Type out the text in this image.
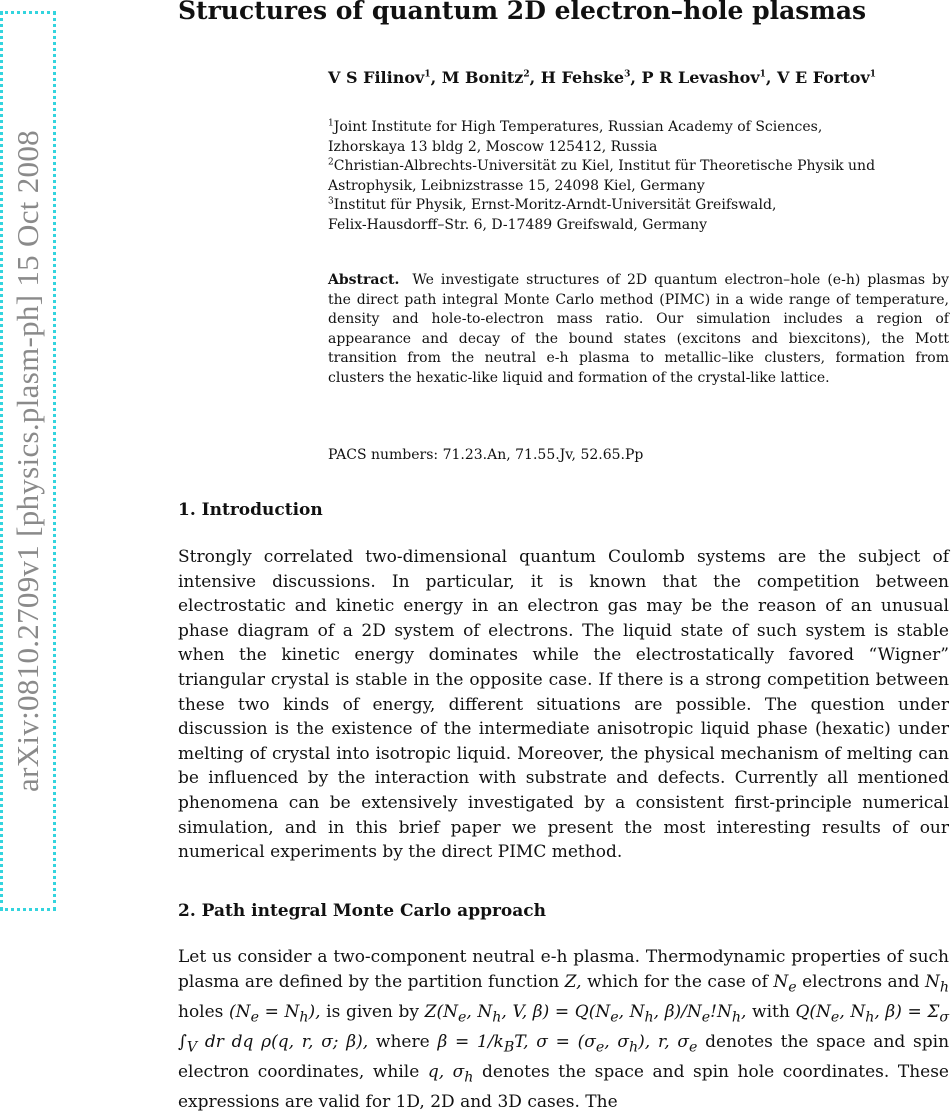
arXiv:0810.2709v1 [physics.plasm-ph] 15 Oct 2008
Structures of quantum 2D electron–hole plasmas

V S Filinov$^1$, M Bonitz$^2$, H Fehske$^3$, P R Levashov$^1$, V E Fortov$^1$

$^1$Joint Institute for High Temperatures, Russian Academy of Sciences,
Izhorskaya 13 bldg 2, Moscow 125412, Russia
$^2$Christian-Albrechts-Universität zu Kiel, Institut für Theoretische Physik und
Astrophysik, Leibnizstrasse 15, 24098 Kiel, Germany
$^3$Institut für Physik, Ernst-Moritz-Arndt-Universität Greifswald,
Felix-Hausdorff–Str. 6, D-17489 Greifswald, Germany

Abstract. We investigate structures of 2D quantum electron–hole (e-h) plasmas by the direct path integral Monte Carlo method (PIMC) in a wide range of temperature, density and hole-to-electron mass ratio. Our simulation includes a region of appearance and decay of the bound states (excitons and biexcitons), the Mott transition from the neutral e-h plasma to metallic–like clusters, formation from clusters the hexatic-like liquid and formation of the crystal-like lattice.

PACS numbers: 71.23.An, 71.55.Jv, 52.65.Pp

1. Introduction

Strongly correlated two-dimensional quantum Coulomb systems are the subject of intensive discussions. In particular, it is known that the competition between electrostatic and kinetic energy in an electron gas may be the reason of an unusual phase diagram of a 2D system of electrons. The liquid state of such system is stable when the kinetic energy dominates while the electrostatically favored “Wigner” triangular crystal is stable in the opposite case. If there is a strong competition between these two kinds of energy, different situations are possible. The question under discussion is the existence of the intermediate anisotropic liquid phase (hexatic) under melting of crystal into isotropic liquid. Moreover, the physical mechanism of melting can be influenced by the interaction with substrate and defects. Currently all mentioned phenomena can be extensively investigated by a consistent first-principle numerical simulation, and in this brief paper we present the most interesting results of our numerical experiments by the direct PIMC method.

2. Path integral Monte Carlo approach

Let us consider a two-component neutral e-h plasma. Thermodynamic properties of such plasma are defined by the partition function Z, which for the case of $N_e$ electrons and $N_h$ holes $(N_e = N_h)$, is given by $Z(N_e$, $N_h$, V, $\beta) = Q(N_e$, $N_h$, $\beta)/N_e!N_h$, with $Q(N_e$, $N_h$, $\beta) = \Sigma_\sigma$ $\int_V$ dr dq ρ(q, r, σ; β), where $\beta = 1/k_BT$, $\sigma = (\sigma_e$, $\sigma_h$), r, $\sigma_e$ denotes the space and spin electron coordinates, while q, $\sigma_h$ denotes the space and spin hole coordinates. These expressions are valid for 1D, 2D and 3D cases. The
